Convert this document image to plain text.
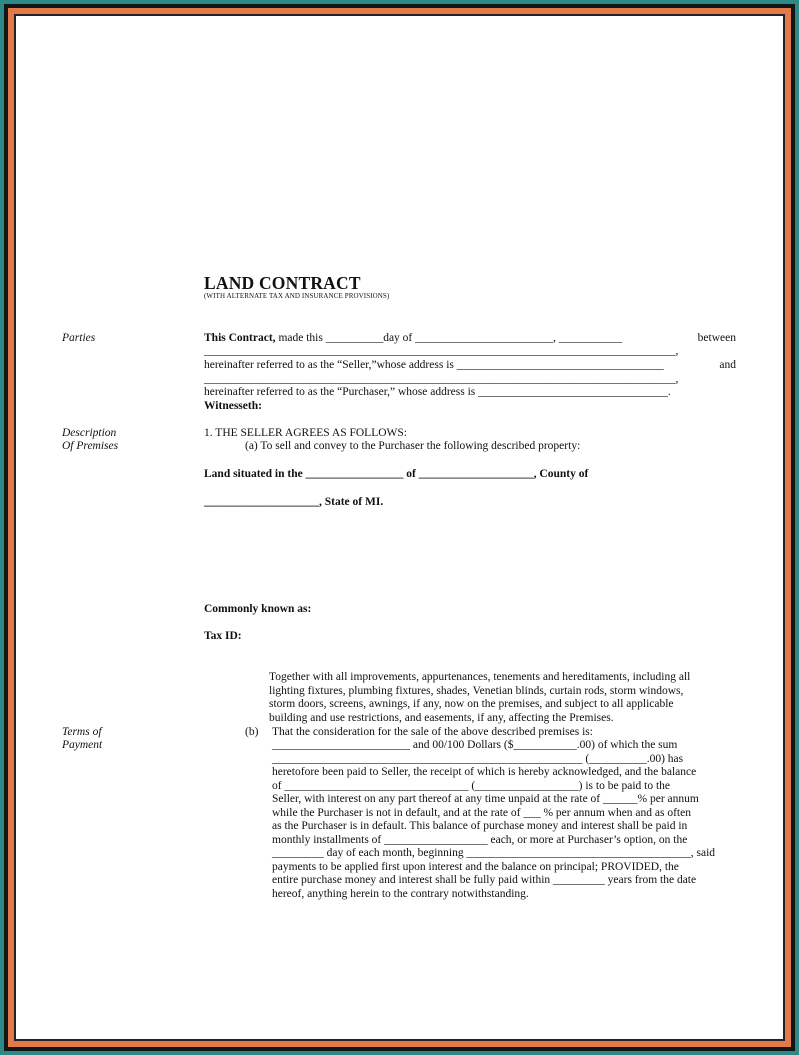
LAND CONTRACT
(WITH ALTERNATE TAX AND INSURANCE PROVISIONS)
Parties
Description
Of Premises
Terms of
Payment
This Contract, made this __________day of ________________________, ___________	between
__________________________________________________________________________________,
hereinafter referred to as the “Seller,”whose address is ____________________________________	and
__________________________________________________________________________________,
hereinafter referred to as the “Purchaser,” whose address is _________________________________.
Witnesseth:
1. THE SELLER AGREES AS FOLLOWS:
(a) To sell and convey to the Purchaser the following described property:
Land situated in the _________________ of ____________________, County of
____________________, State of MI.
Commonly known as:
Tax ID:
Together with all improvements, appurtenances, tenements and hereditaments, including all
lighting fixtures, plumbing fixtures, shades, Venetian blinds, curtain rods, storm windows,
storm doors, screens, awnings, if any, now on the premises, and subject to all applicable
building and use restrictions, and easements, if any, affecting the Premises.
(b) That the consideration for the sale of the above described premises is:
________________________ and 00/100 Dollars ($___________.00) of which the sum
______________________________________________________ (__________.00) has
heretofore been paid to Seller, the receipt of which is hereby acknowledged, and the balance
of ________________________________ (__________________) is to be paid to the
Seller, with interest on any part thereof at any time unpaid at the rate of ______% per annum
while the Purchaser is not in default, and at the rate of ___ % per annum when and as often
as the Purchaser is in default. This balance of purchase money and interest shall be paid in
monthly installments of __________________ each, or more at Purchaser’s option, on the
_________ day of each month, beginning _______________________________________, said
payments to be applied first upon interest and the balance on principal; PROVIDED, the
entire purchase money and interest shall be fully paid within _________ years from the date
hereof, anything herein to the contrary notwithstanding.
